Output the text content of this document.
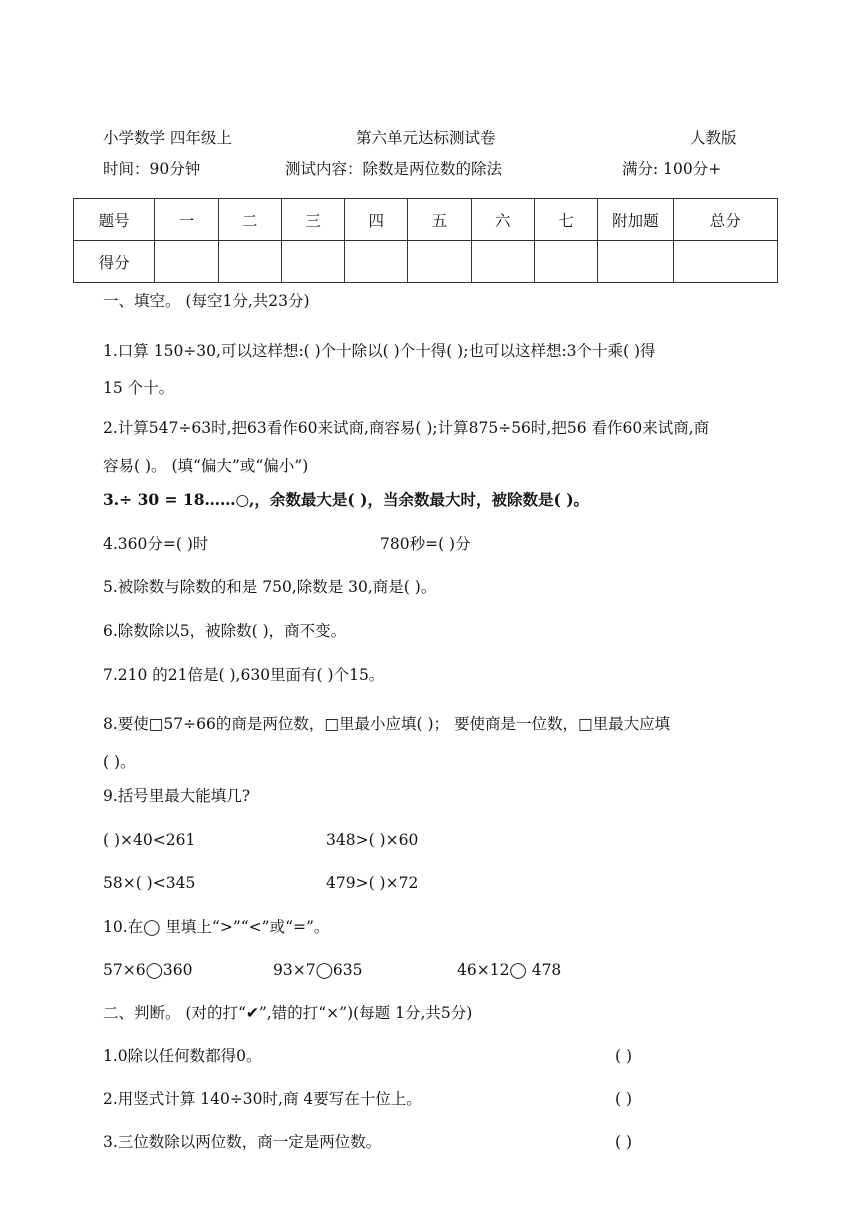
小学数学 四年级上	第六单元达标测试卷	人教版
时间：90分钟	测试内容：除数是两位数的除法	满分: 100分+
题号	一	二	三	四	五	六	七	附加题	总分
得分									
一、填空。 (每空1分,共23分)
1.口算 150÷30,可以这样想:( )个十除以( )个十得( );也可以这样想:3个十乘( )得
15 个十。
2.计算547÷63时,把63看作60来试商,商容易( );计算875÷56时,把56 看作60来试商,商
容易( )。 (填“偏大”或“偏小”)
3.÷ 30 = 18……○,，余数最大是( )，当余数最大时，被除数是( )。
4.360分=( )时	780秒=( )分
5.被除数与除数的和是 750,除数是 30,商是( )。
6.除数除以5，被除数( )，商不变。
7.210 的21倍是( ),630里面有( )个15。
8.要使□57÷66的商是两位数，□里最小应填( )； 要使商是一位数，□里最大应填
( )。
9.括号里最大能填几?
( )×40<261	348>( )×60
58×( )<345	479>( )×72
10.在◯ 里填上“>”“<”或“=”。
57×6◯360	93×7◯635	46×12◯ 478
二、判断。 (对的打“✔”,错的打“×”)(每题 1分,共5分)
1.0除以任何数都得0。	( )
2.用竖式计算 140÷30时,商 4要写在十位上。	( )
3.三位数除以两位数，商一定是两位数。	( )
